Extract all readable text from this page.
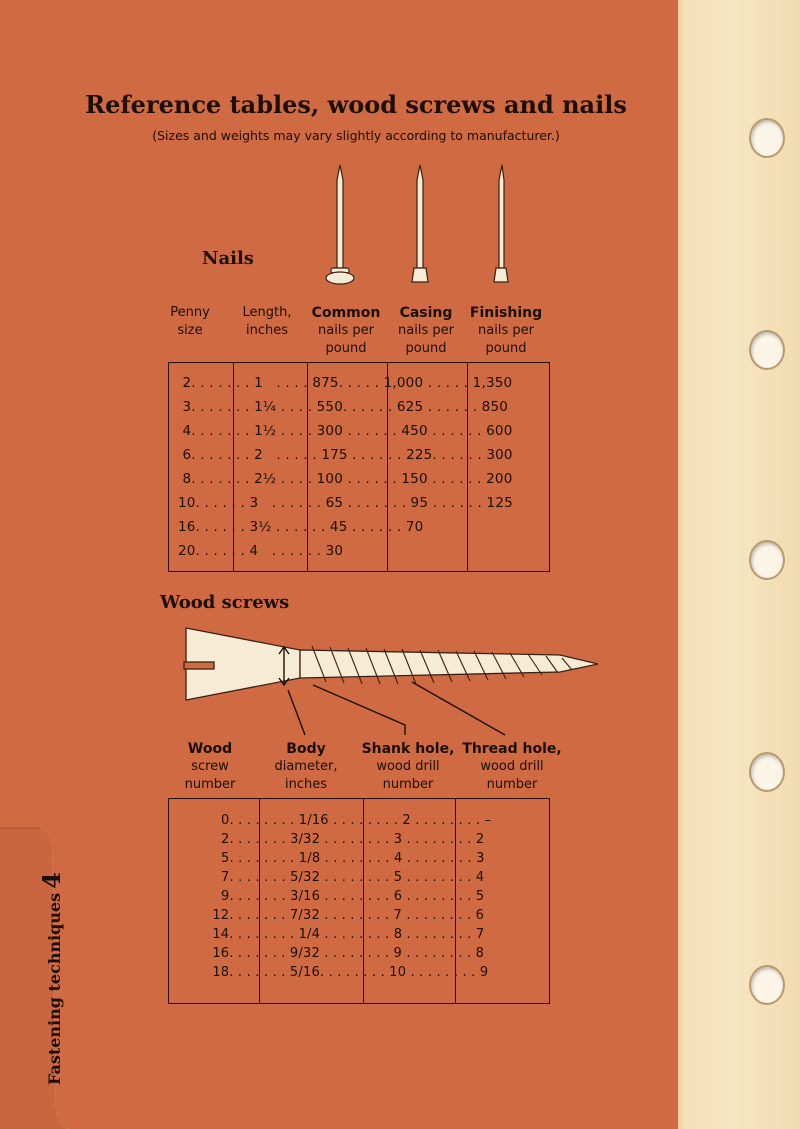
Reference tables, wood screws and nails

(Sizes and weights may vary slightly according to manufacturer.)

Nails
Penny
size
Length,
inches
Common
nails per
pound
Casing
nails per
pound
Finishing
nails per
pound
2. . . . . . . 1   . . . . 875. . . . . 1,000 . . . . . 1,350
3. . . . . . . 1¼ . . . . 550. . . . . . 625 . . . . . . 850
4. . . . . . . 1½ . . . . 300 . . . . . . 450 . . . . . . 600
6. . . . . . . 2   . . . . . 175 . . . . . . 225. . . . . . 300
8. . . . . . . 2½ . . . . 100 . . . . . . 150 . . . . . . 200
10. . . . . . 3   . . . . . . 65 . . . . . . . 95 . . . . . . 125
16. . . . . . 3½ . . . . . . 45 . . . . . . 70
20. . . . . . 4   . . . . . . 30
Wood screws
Wood
screw
number
Body
diameter,
inches
Shank hole,
wood drill
number
Thread hole,
wood drill
number
0. . . . . . . . 1/16 . . . . . . . . 2 . . . . . . . . –
2. . . . . . . 3/32 . . . . . . . . 3 . . . . . . . . 2
5. . . . . . . . 1/8 . . . . . . . . 4 . . . . . . . . 3
7. . . . . . . 5/32 . . . . . . . . 5 . . . . . . . . 4
9. . . . . . . 3/16 . . . . . . . . 6 . . . . . . . . 5
12. . . . . . . 7/32 . . . . . . . . 7 . . . . . . . . 6
14. . . . . . . . 1/4 . . . . . . . . 8 . . . . . . . . 7
16. . . . . . . 9/32 . . . . . . . . 9 . . . . . . . . 8
18. . . . . . . 5/16. . . . . . . . 10 . . . . . . . . 9
Fastening techniques4
